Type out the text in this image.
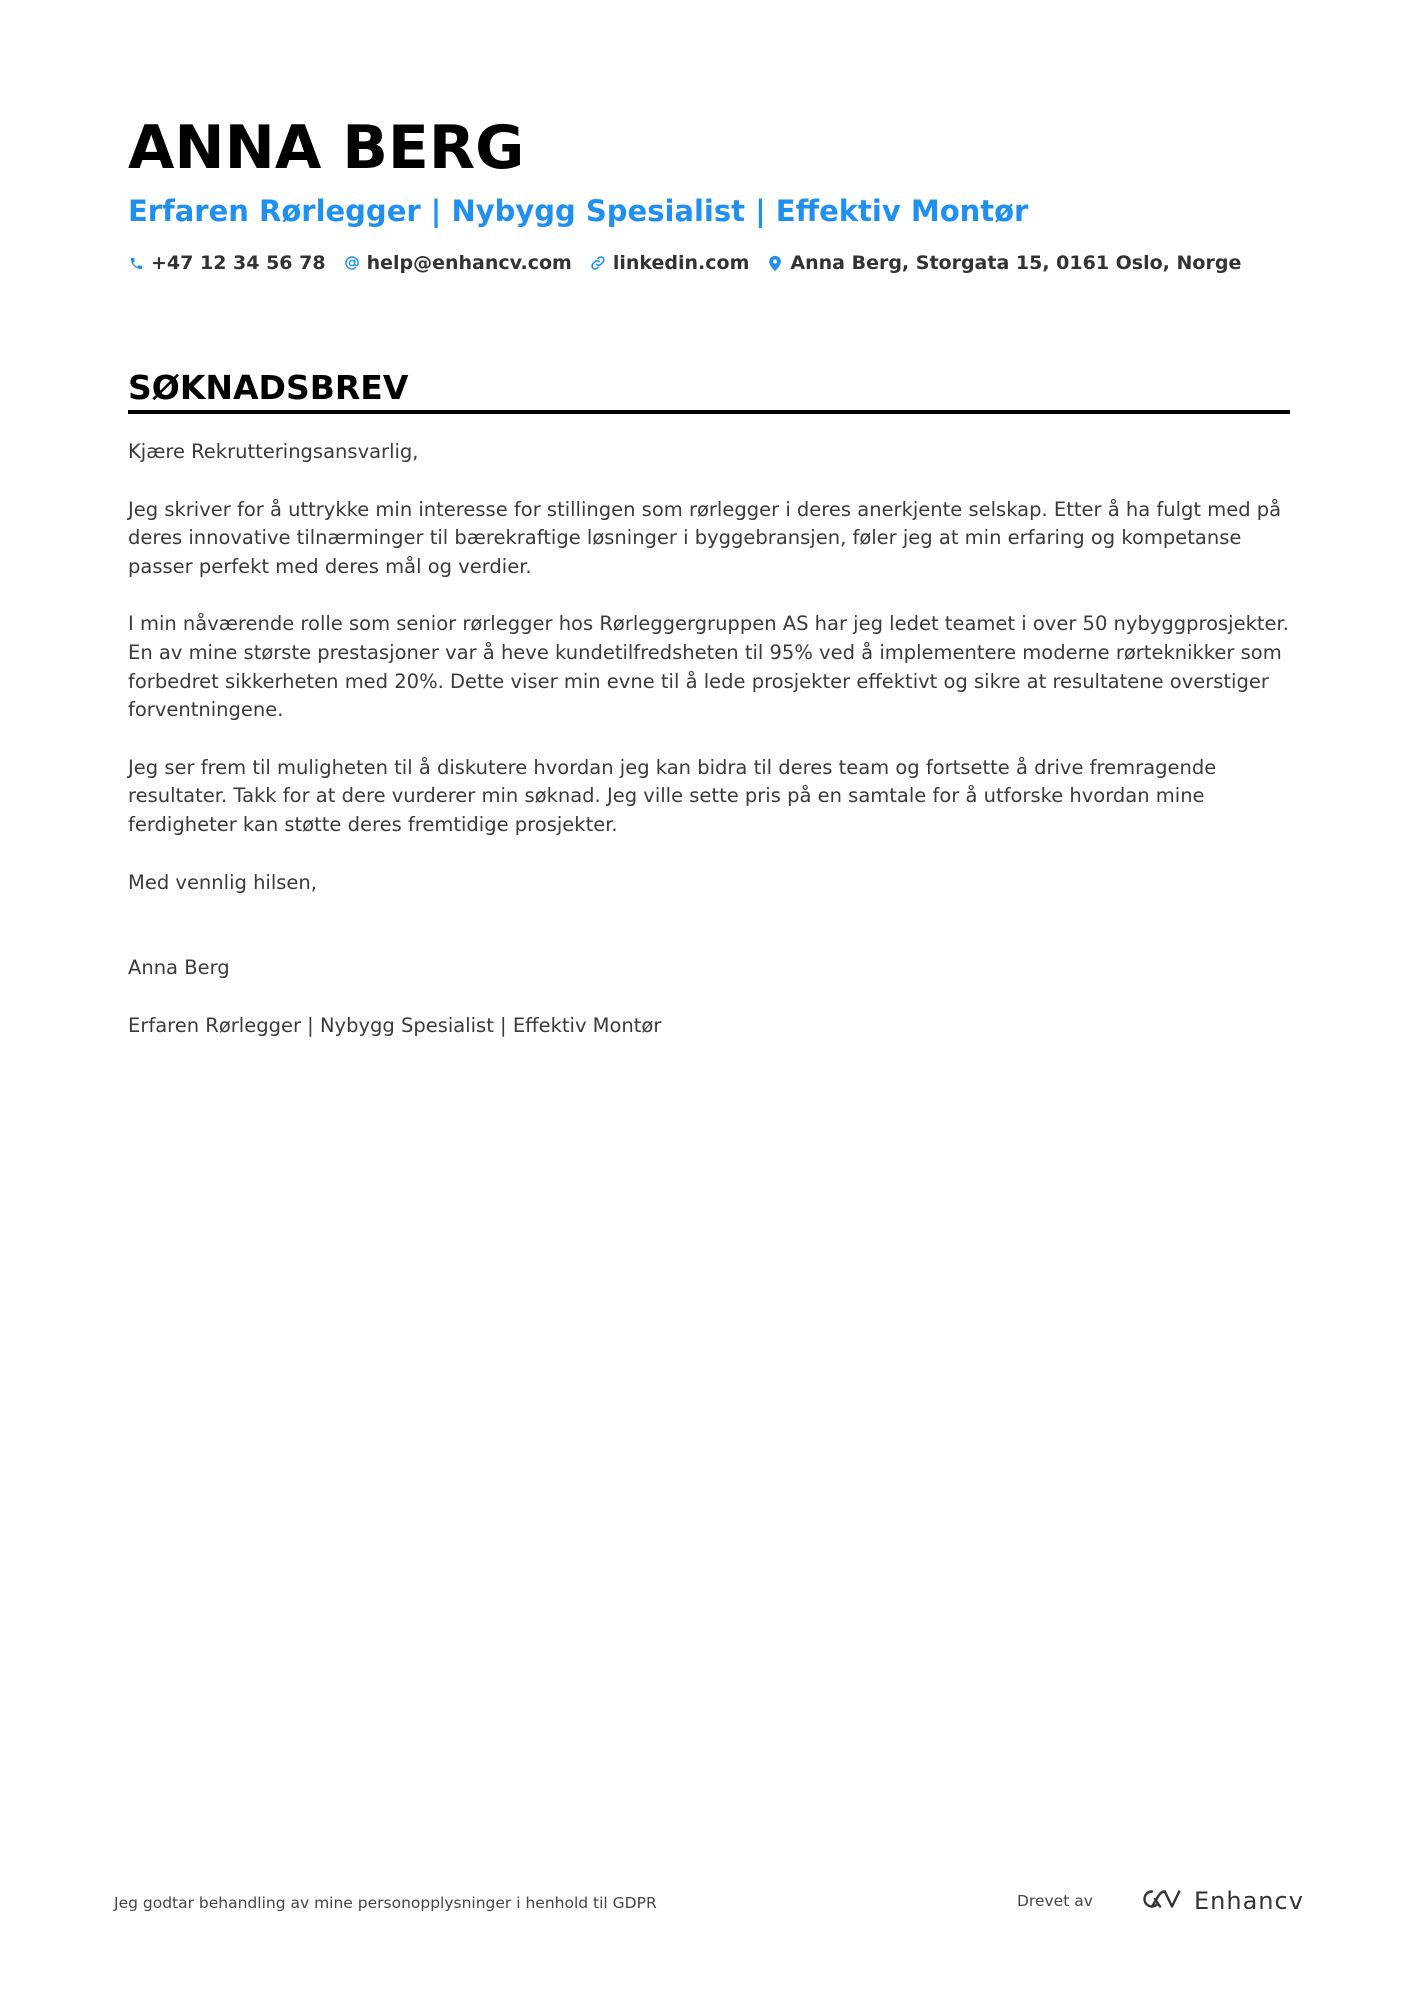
ANNA BERG
Erfaren Rørlegger | Nybygg Spesialist | Effektiv Montør
+47 12 34 56 78 help@enhancv.com linkedin.com Anna Berg, Storgata 15, 0161 Oslo, Norge
SØKNADSBREV

Kjære Rekrutteringsansvarlig,

Jeg skriver for å uttrykke min interesse for stillingen som rørlegger i deres anerkjente selskap. Etter å ha fulgt med på deres innovative tilnærminger til bærekraftige løsninger i byggebransjen, føler jeg at min erfaring og kompetanse passer perfekt med deres mål og verdier.

I min nåværende rolle som senior rørlegger hos Rørleggergruppen AS har jeg ledet teamet i over 50 nybyggprosjekter. En av mine største prestasjoner var å heve kundetilfredsheten til 95% ved å implementere moderne rørteknikker som forbedret sikkerheten med 20%. Dette viser min evne til å lede prosjekter effektivt og sikre at resultatene overstiger forventningene.

Jeg ser frem til muligheten til å diskutere hvordan jeg kan bidra til deres team og fortsette å drive fremragende resultater. Takk for at dere vurderer min søknad. Jeg ville sette pris på en samtale for å utforske hvordan mine ferdigheter kan støtte deres fremtidige prosjekter.

Med vennlig hilsen,

Anna Berg

Erfaren Rørlegger | Nybygg Spesialist | Effektiv Montør

Jeg godtar behandling av mine personopplysninger i henhold til GDPR	Drevet av	Enhancv
